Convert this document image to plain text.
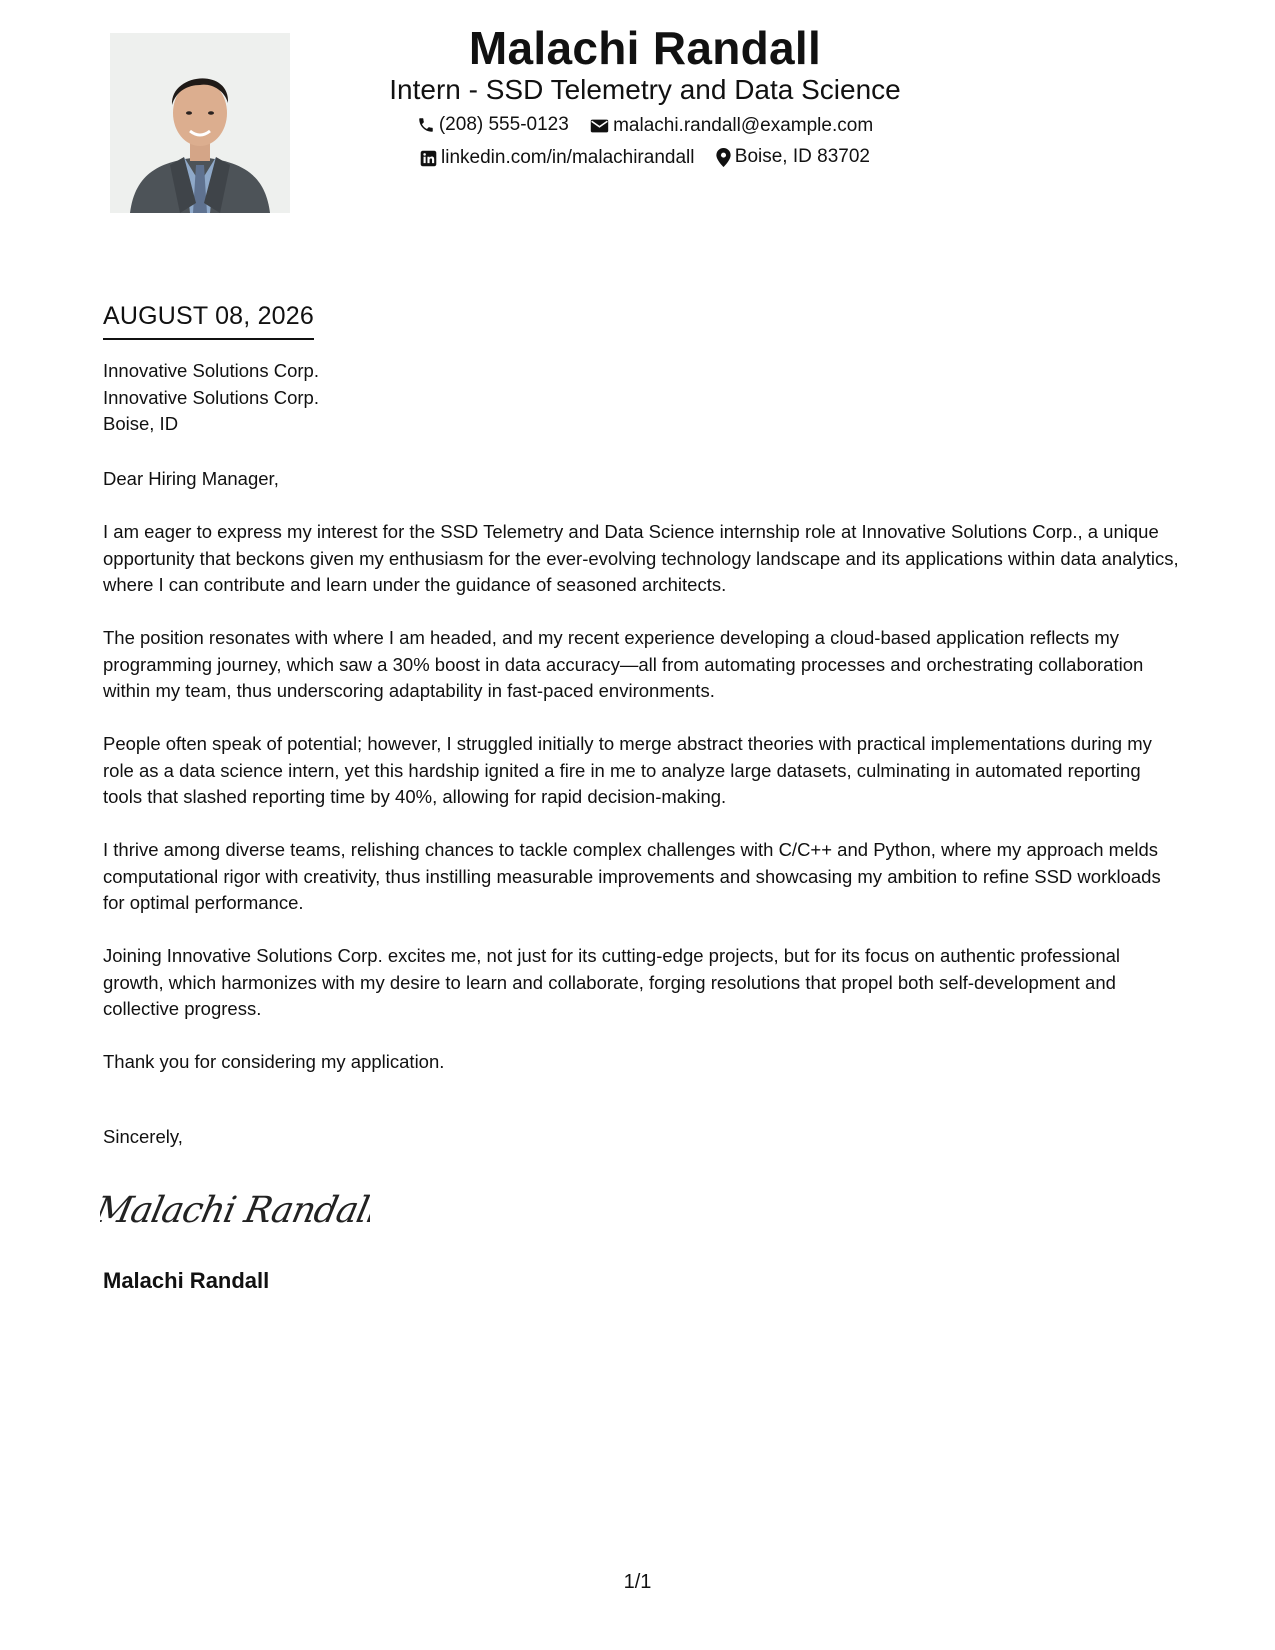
Malachi Randall
Intern - SSD Telemetry and Data Science
(208) 555-0123
malachi.randall@example.com
linkedin.com/in/malachirandall
Boise, ID 83702
AUGUST 08, 2026
Innovative Solutions Corp.
Innovative Solutions Corp.
Boise, ID

Dear Hiring Manager,

I am eager to express my interest for the SSD Telemetry and Data Science internship role at Innovative Solutions Corp., a unique opportunity that beckons given my enthusiasm for the ever-evolving technology landscape and its applications within data analytics, where I can contribute and learn under the guidance of seasoned architects.

The position resonates with where I am headed, and my recent experience developing a cloud-based application reflects my programming journey, which saw a 30% boost in data accuracy—all from automating processes and orchestrating collaboration within my team, thus underscoring adaptability in fast-paced environments.

People often speak of potential; however, I struggled initially to merge abstract theories with practical implementations during my role as a data science intern, yet this hardship ignited a fire in me to analyze large datasets, culminating in automated reporting tools that slashed reporting time by 40%, allowing for rapid decision-making.

I thrive among diverse teams, relishing chances to tackle complex challenges with C/C++ and Python, where my approach melds computational rigor with creativity, thus instilling measurable improvements and showcasing my ambition to refine SSD workloads for optimal performance.

Joining Innovative Solutions Corp. excites me, not just for its cutting-edge projects, but for its focus on authentic professional growth, which harmonizes with my desire to learn and collaborate, forging resolutions that propel both self-development and collective progress.

Thank you for considering my application.

Sincerely,
Malachi Randall
Malachi Randall
1/1
